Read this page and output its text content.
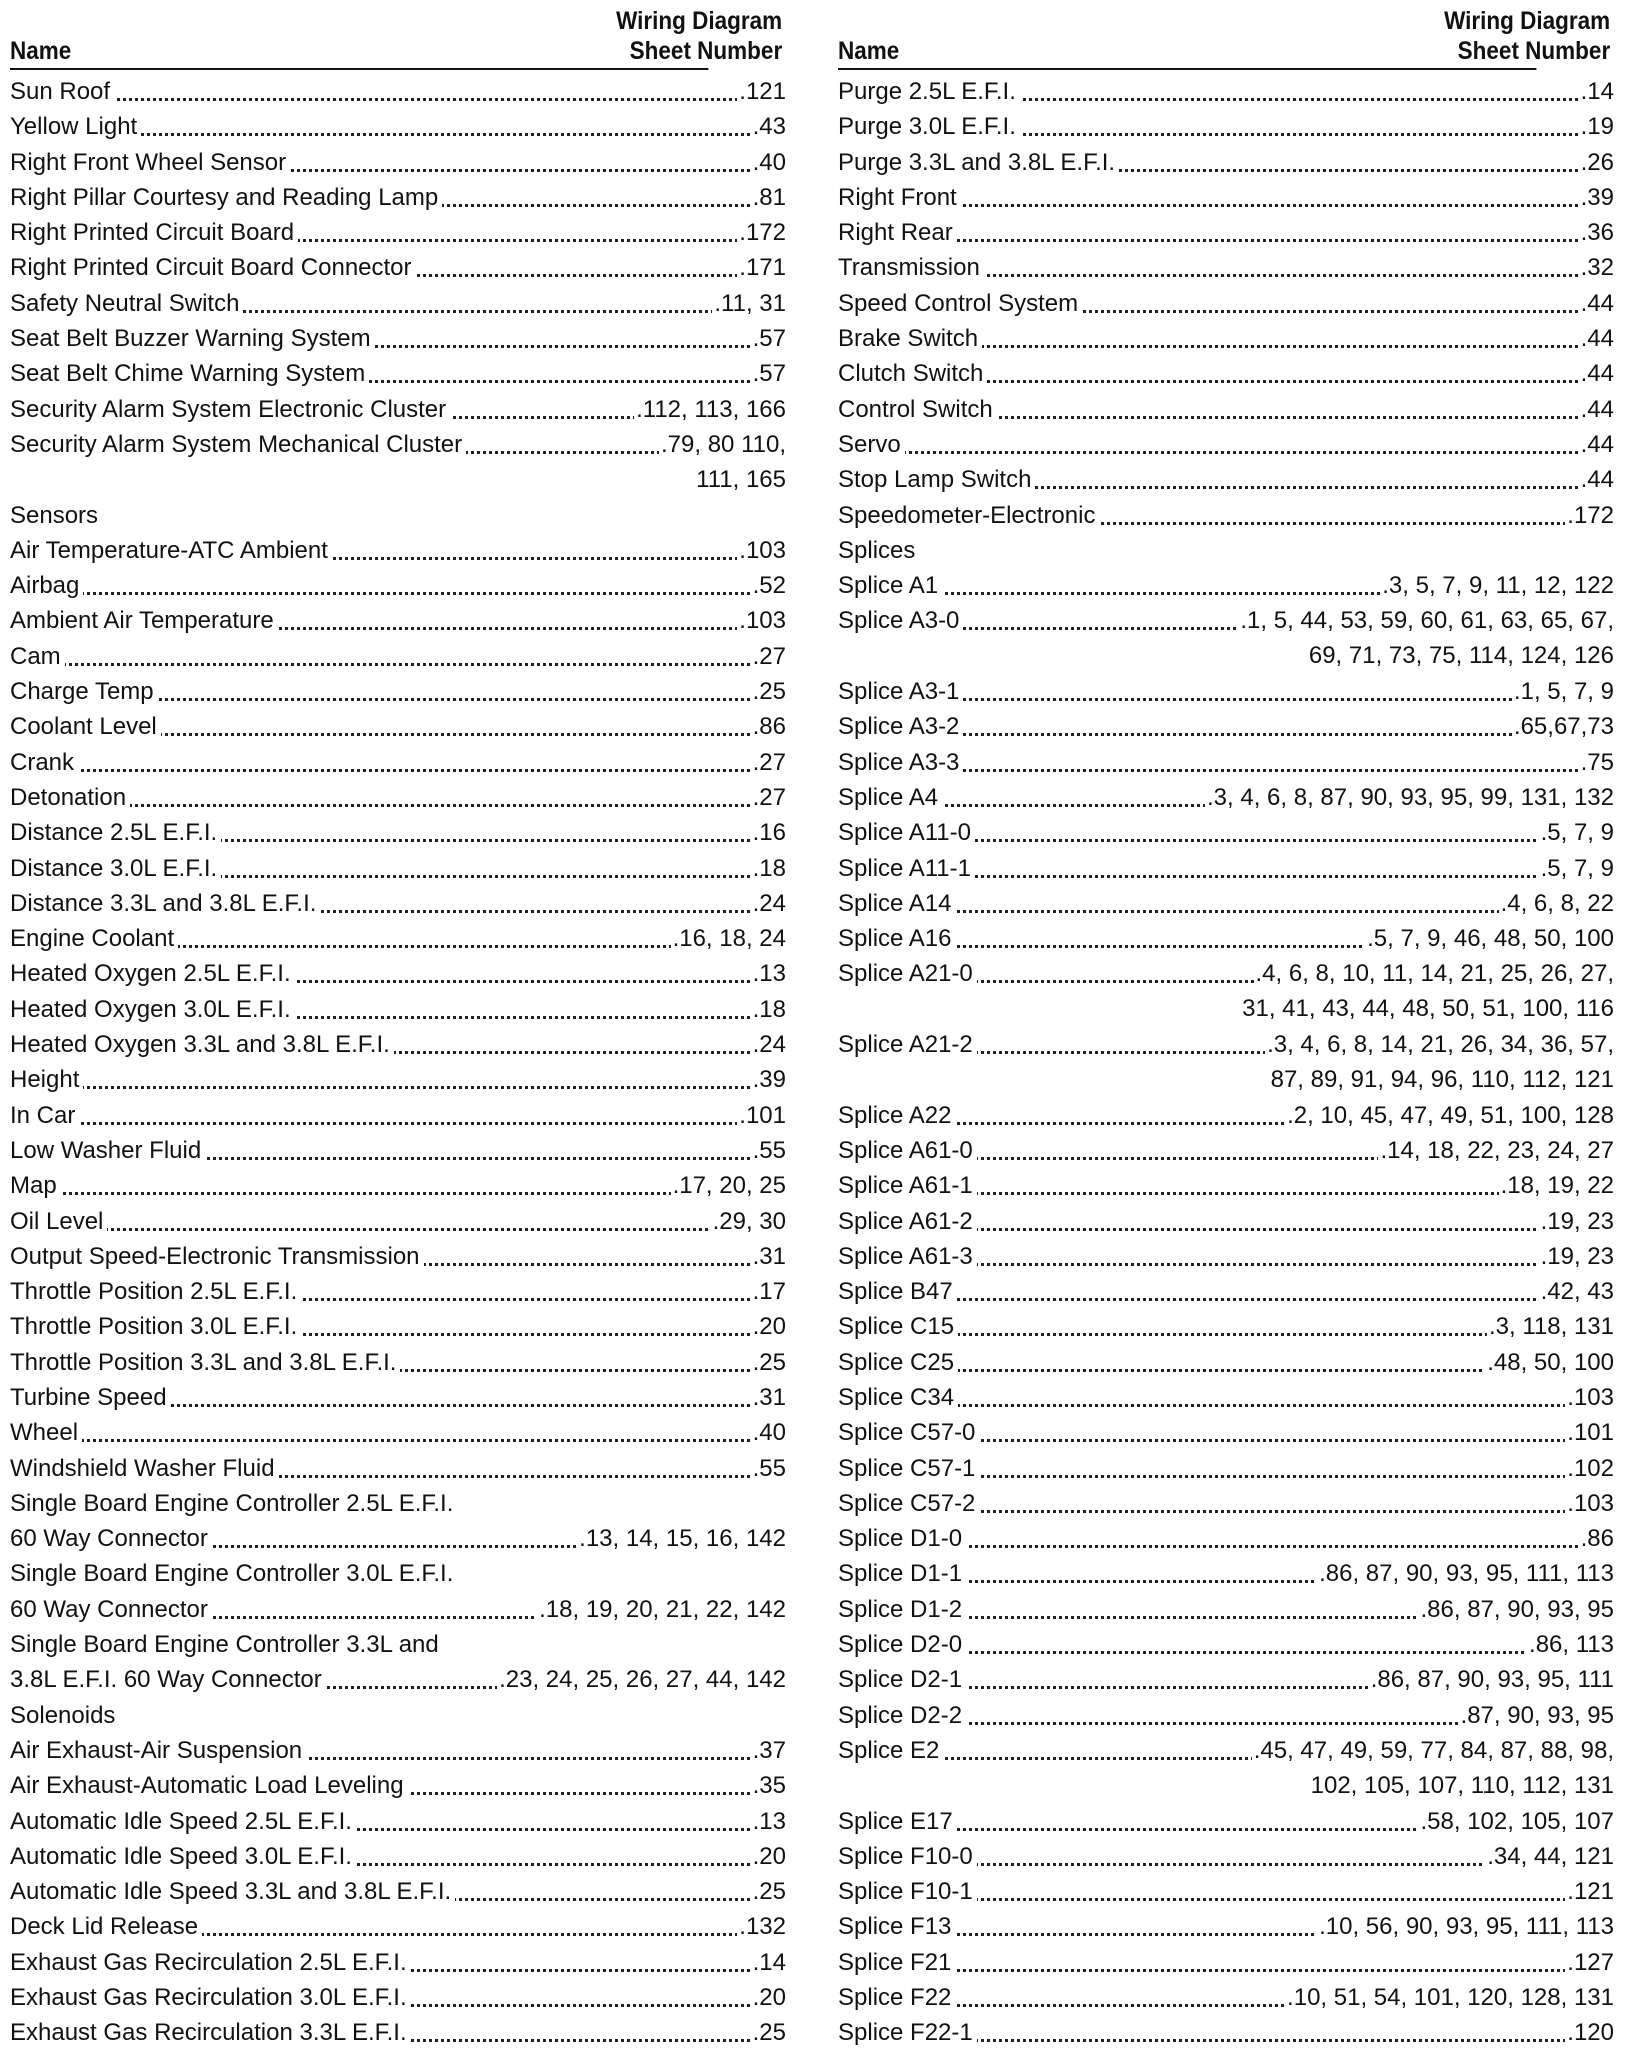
Name
Wiring Diagram
Sheet Number
Sun Roof	.121
Yellow Light	.43
Right Front Wheel Sensor	.40
Right Pillar Courtesy and Reading Lamp	.81
Right Printed Circuit Board	.172
Right Printed Circuit Board Connector	.171
Safety Neutral Switch	.11, 31
Seat Belt Buzzer Warning System	.57
Seat Belt Chime Warning System	.57
Security Alarm System Electronic Cluster	.112, 113, 166
Security Alarm System Mechanical Cluster	.79, 80 110,
111, 165
Sensors
Air Temperature-ATC Ambient	.103
Airbag	.52
Ambient Air Temperature	.103
Cam	.27
Charge Temp	.25
Coolant Level	.86
Crank	.27
Detonation	.27
Distance 2.5L E.F.I.	.16
Distance 3.0L E.F.I.	.18
Distance 3.3L and 3.8L E.F.I.	.24
Engine Coolant	.16, 18, 24
Heated Oxygen 2.5L E.F.I.	.13
Heated Oxygen 3.0L E.F.I.	.18
Heated Oxygen 3.3L and 3.8L E.F.I.	.24
Height	.39
In Car	.101
Low Washer Fluid	.55
Map	.17, 20, 25
Oil Level	.29, 30
Output Speed-Electronic Transmission	.31
Throttle Position 2.5L E.F.I.	.17
Throttle Position 3.0L E.F.I.	.20
Throttle Position 3.3L and 3.8L E.F.I.	.25
Turbine Speed	.31
Wheel	.40
Windshield Washer Fluid	.55
Single Board Engine Controller 2.5L E.F.I.
60 Way Connector	.13, 14, 15, 16, 142
Single Board Engine Controller 3.0L E.F.I.
60 Way Connector	.18, 19, 20, 21, 22, 142
Single Board Engine Controller 3.3L and
3.8L E.F.I. 60 Way Connector	.23, 24, 25, 26, 27, 44, 142
Solenoids
Air Exhaust-Air Suspension	.37
Air Exhaust-Automatic Load Leveling	.35
Automatic Idle Speed 2.5L E.F.I.	.13
Automatic Idle Speed 3.0L E.F.I.	.20
Automatic Idle Speed 3.3L and 3.8L E.F.I.	.25
Deck Lid Release	.132
Exhaust Gas Recirculation 2.5L E.F.I.	.14
Exhaust Gas Recirculation 3.0L E.F.I.	.20
Exhaust Gas Recirculation 3.3L E.F.I.	.25
Name
Wiring Diagram
Sheet Number
Purge 2.5L E.F.I.	.14
Purge 3.0L E.F.I.	.19
Purge 3.3L and 3.8L E.F.I.	.26
Right Front	.39
Right Rear	.36
Transmission	.32
Speed Control System	.44
Brake Switch	.44
Clutch Switch	.44
Control Switch	.44
Servo	.44
Stop Lamp Switch	.44
Speedometer-Electronic	.172
Splices
Splice A1	.3, 5, 7, 9, 11, 12, 122
Splice A3-0	.1, 5, 44, 53, 59, 60, 61, 63, 65, 67,
69, 71, 73, 75, 114, 124, 126
Splice A3-1	.1, 5, 7, 9
Splice A3-2	.65,67,73
Splice A3-3	.75
Splice A4	.3, 4, 6, 8, 87, 90, 93, 95, 99, 131, 132
Splice A11-0	.5, 7, 9
Splice A11-1	.5, 7, 9
Splice A14	.4, 6, 8, 22
Splice A16	.5, 7, 9, 46, 48, 50, 100
Splice A21-0	.4, 6, 8, 10, 11, 14, 21, 25, 26, 27,
31, 41, 43, 44, 48, 50, 51, 100, 116
Splice A21-2	.3, 4, 6, 8, 14, 21, 26, 34, 36, 57,
87, 89, 91, 94, 96, 110, 112, 121
Splice A22	.2, 10, 45, 47, 49, 51, 100, 128
Splice A61-0	.14, 18, 22, 23, 24, 27
Splice A61-1	.18, 19, 22
Splice A61-2	.19, 23
Splice A61-3	.19, 23
Splice B47	.42, 43
Splice C15	.3, 118, 131
Splice C25	.48, 50, 100
Splice C34	.103
Splice C57-0	.101
Splice C57-1	.102
Splice C57-2	.103
Splice D1-0	.86
Splice D1-1	.86, 87, 90, 93, 95, 111, 113
Splice D1-2	.86, 87, 90, 93, 95
Splice D2-0	.86, 113
Splice D2-1	.86, 87, 90, 93, 95, 111
Splice D2-2	.87, 90, 93, 95
Splice E2	.45, 47, 49, 59, 77, 84, 87, 88, 98,
102, 105, 107, 110, 112, 131
Splice E17	.58, 102, 105, 107
Splice F10-0	.34, 44, 121
Splice F10-1	.121
Splice F13	.10, 56, 90, 93, 95, 111, 113
Splice F21	.127
Splice F22	.10, 51, 54, 101, 120, 128, 131
Splice F22-1	.120
